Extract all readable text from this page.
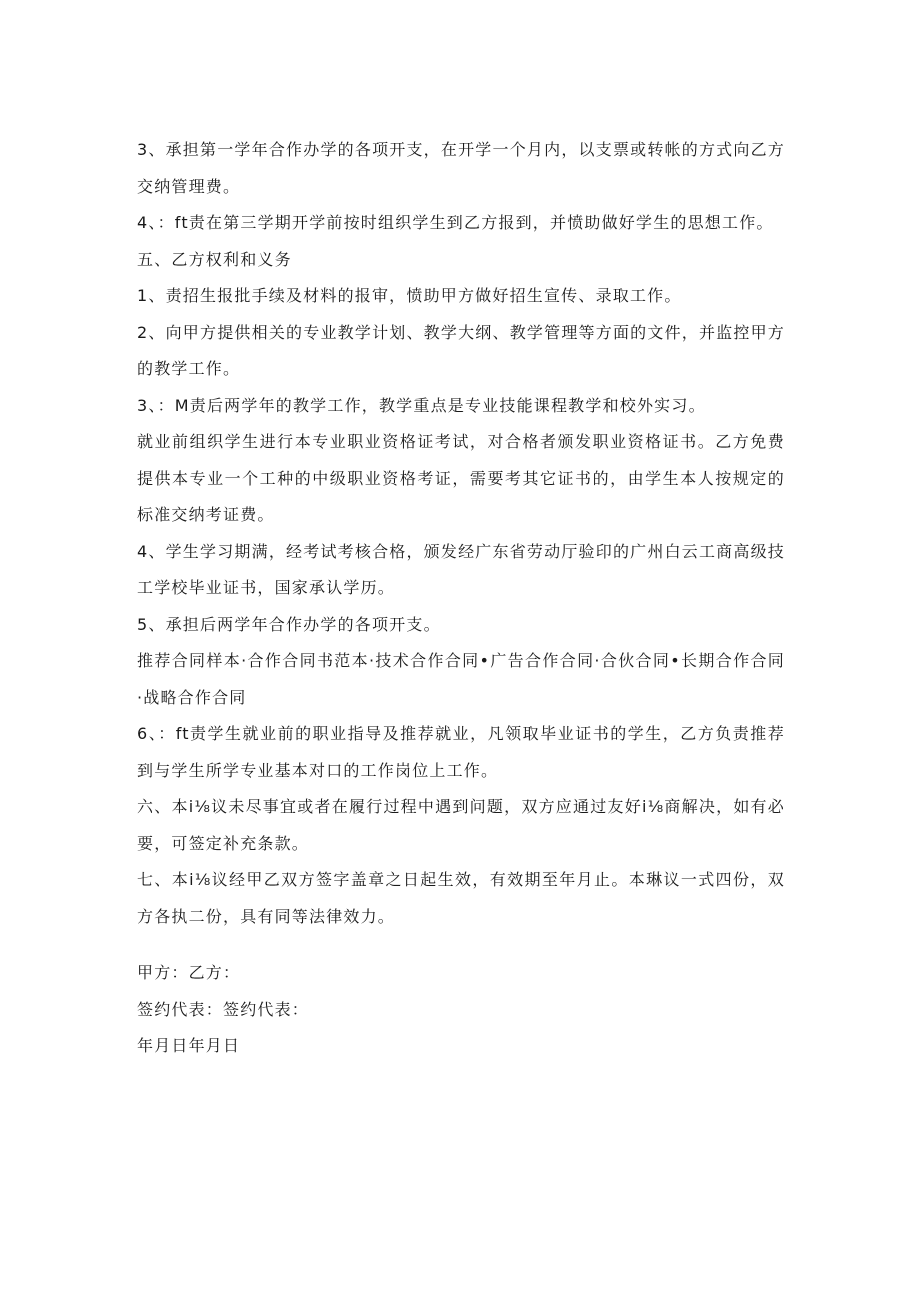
3、承担第一学年合作办学的各项开支，在开学一个月内，以支票或转帐的方式向乙方交纳管理费。

4、：ft责在第三学期开学前按时组织学生到乙方报到，并愤助做好学生的思想工作。

五、乙方权利和义务

1、责招生报批手续及材料的报审，愤助甲方做好招生宣传、录取工作。

2、向甲方提供相关的专业教学计划、教学大纲、教学管理等方面的文件，并监控甲方的教学工作。

3、：M责后两学年的教学工作，教学重点是专业技能课程教学和校外实习。

就业前组织学生进行本专业职业资格证考试，对合格者颁发职业资格证书。乙方免费提供本专业一个工种的中级职业资格考证，需要考其它证书的，由学生本人按规定的标准交纳考证费。

4、学生学习期满，经考试考核合格，颁发经广东省劳动厅验印的广州白云工商高级技工学校毕业证书，国家承认学历。

5、承担后两学年合作办学的各项开支。

推荐合同样本·合作合同书范本·技术合作合同•广告合作合同·合伙合同•长期合作合同·战略合作合同

6、：ft责学生就业前的职业指导及推荐就业，凡领取毕业证书的学生，乙方负责推荐到与学生所学专业基本对口的工作岗位上工作。

六、本i⅛议未尽事宜或者在履行过程中遇到问题，双方应通过友好i⅛商解决，如有必要，可签定补充条款。

七、本i⅛议经甲乙双方签字盖章之日起生效，有效期至年月止。本琳议一式四份，双方各执二份，具有同等法律效力。

甲方：乙方：

签约代表：签约代表：

年月日年月日
